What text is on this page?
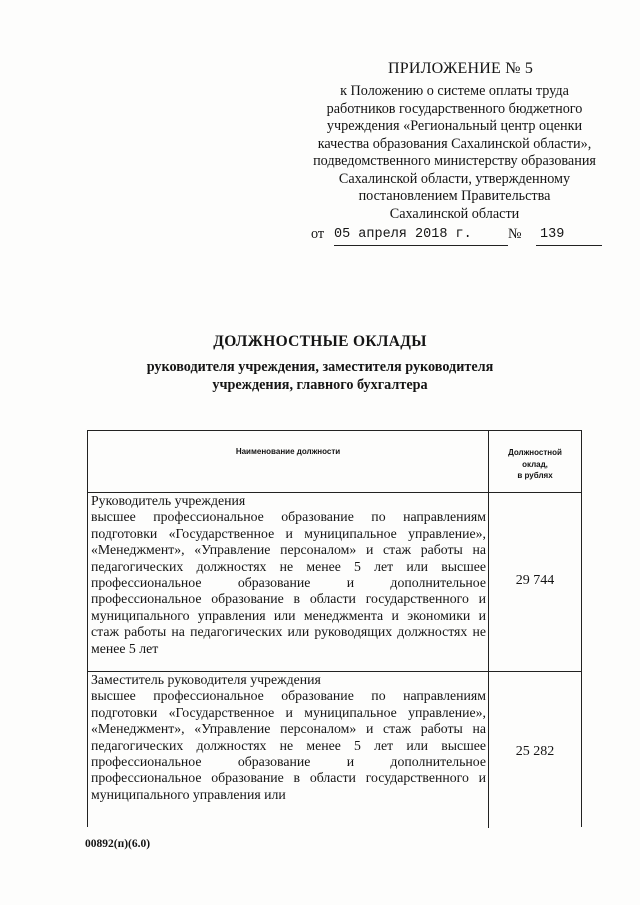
ПРИЛОЖЕНИЕ № 5
к Положению о системе оплаты труда
работников государственного бюджетного
учреждения «Региональный центр оценки
качества образования Сахалинской области»,
подведомственного министерству образования
Сахалинской области, утвержденному
постановлением Правительства
Сахалинской области
от 05 апреля 2018 г.	№ 139
ДОЛЖНОСТНЫЕ ОКЛАДЫ
руководителя учреждения, заместителя руководителя
учреждения, главного бухгалтера
Наименование должности	Должностной
оклад,
в рублях
Руководитель учреждения
высшее профессиональное образование по направлениям подготовки «Государственное и муниципальное управление», «Менеджмент», «Управление персоналом» и стаж работы на педагогических должностях не менее 5 лет или высшее профессиональное образование и дополнительное профессиональное образование в области государственного и муниципального управления или менеджмента и экономики и стаж работы на педагогических или руководящих должностях не менее 5 лет
29 744
Заместитель руководителя учреждения
высшее профессиональное образование по направлениям подготовки «Государственное и муниципальное управление», «Менеджмент», «Управление персоналом» и стаж работы на педагогических должностях не менее 5 лет или высшее профессиональное образование и дополнительное профессиональное образование в области государственного и муниципального управления или
25 282
00892(п)(6.0)
